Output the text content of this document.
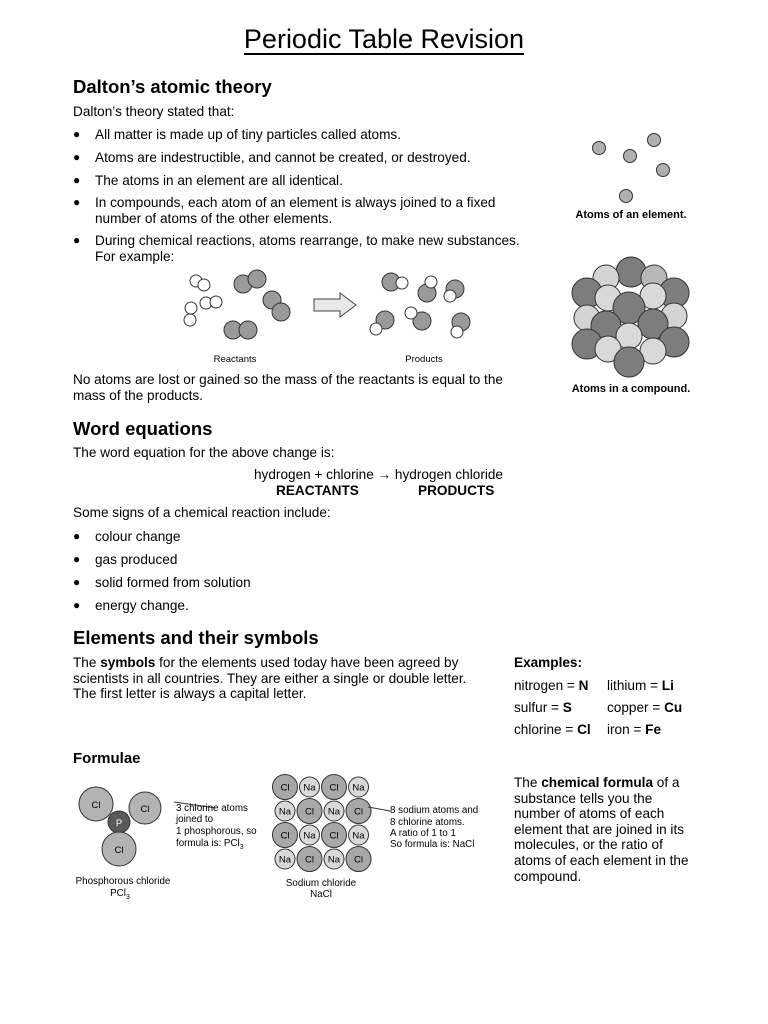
Periodic Table Revision
Dalton’s atomic theory
Dalton’s theory stated that:
● All matter is made up of tiny particles called atoms.
● Atoms are indestructible, and cannot be created, or destroyed.
● The atoms in an element are all identical.
● In compounds, each atom of an element is always joined to a fixed number of atoms of the other elements.
● During chemical reactions, atoms rearrange, to make new substances. For example:
Reactants	Products
No atoms are lost or gained so the mass of the reactants is equal to the mass of the products.
Atoms of an element.
Atoms in a compound.
Word equations
The word equation for the above change is:
hydrogen + chlorine → hydrogen chloride
REACTANTS	PRODUCTS
Some signs of a chemical reaction include:
● colour change
● gas produced
● solid formed from solution
● energy change.
Elements and their symbols
The symbols for the elements used today have been agreed by scientists in all countries. They are either a single or double letter. The first letter is always a capital letter.
Examples:
nitrogen = N lithium = Li
sulfur = S	copper = Cu
chlorine = Cl iron = Fe
Formulae
Cl	Cl
P
Cl
3 chlorine atoms
joined to
1 phosphorous, so
formula is: PCl$_3$
Phosphorous chloride
PCl$_3$
Cl Na Cl Na
Na Cl Na Cl
Cl Na Cl Na
Na Cl Na Cl
8 sodium atoms and
8 chlorine atoms.
A ratio of 1 to 1
So formula is: NaCl
Sodium chloride
NaCl
The chemical formula of a substance tells you the number of atoms of each element that are joined in its molecules, or the ratio of atoms of each element in the compound.
